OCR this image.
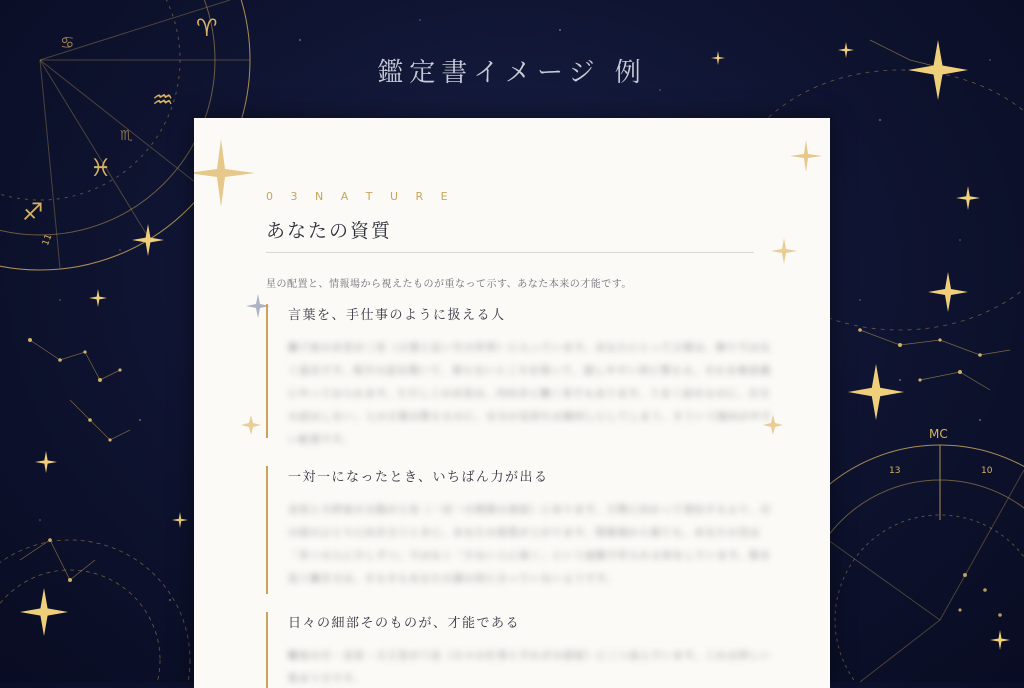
♈
♒
♓
♐
♋
♏
MC
13	10
11
鑑定書イメージ 例
0 3 N A T U R E
あなたの資質
星の配置と、情報場から視えたものが重なって示す、あなた本来の才能です。
言葉を、手仕事のように扱える人
獅子座の水星が三室（言葉と近い生の世界）に入っています。あなたにとって言葉は、飾りではなく道具です。相手の話を聞いて、要らないところを削って、渡しやすい形に整える。それを無意識にやっておられます。ただしこの水星は、内向きに働く星でもあります。うまく話せるのに、自分の話はしない。人の言葉は整えるのに、自分の気持ちは後回しにしてしまう。そういう傾向がやすい配置です。
一対一になったとき、いちばん力が出る
金星と天秤座の太陽が七室（一対一の関係の部屋）にあります。大勢に向かって発信するより、目の前のひとりに向き合うときに、あなたの資質が上がります。情報場から視ても、あなたの光は「多くの人に少しずつ」ではなく「少ない人に深く」という波動で作られる形をしています。数を追う働き方は、そもそもあなたの器の形に合っていないようです。
日々の細部そのものが、才能である
蠍座の月・金星・天王星が六室（日々の仕事と手わざの部屋）に三つ並んでいます。これは珍しい集まり方です。
